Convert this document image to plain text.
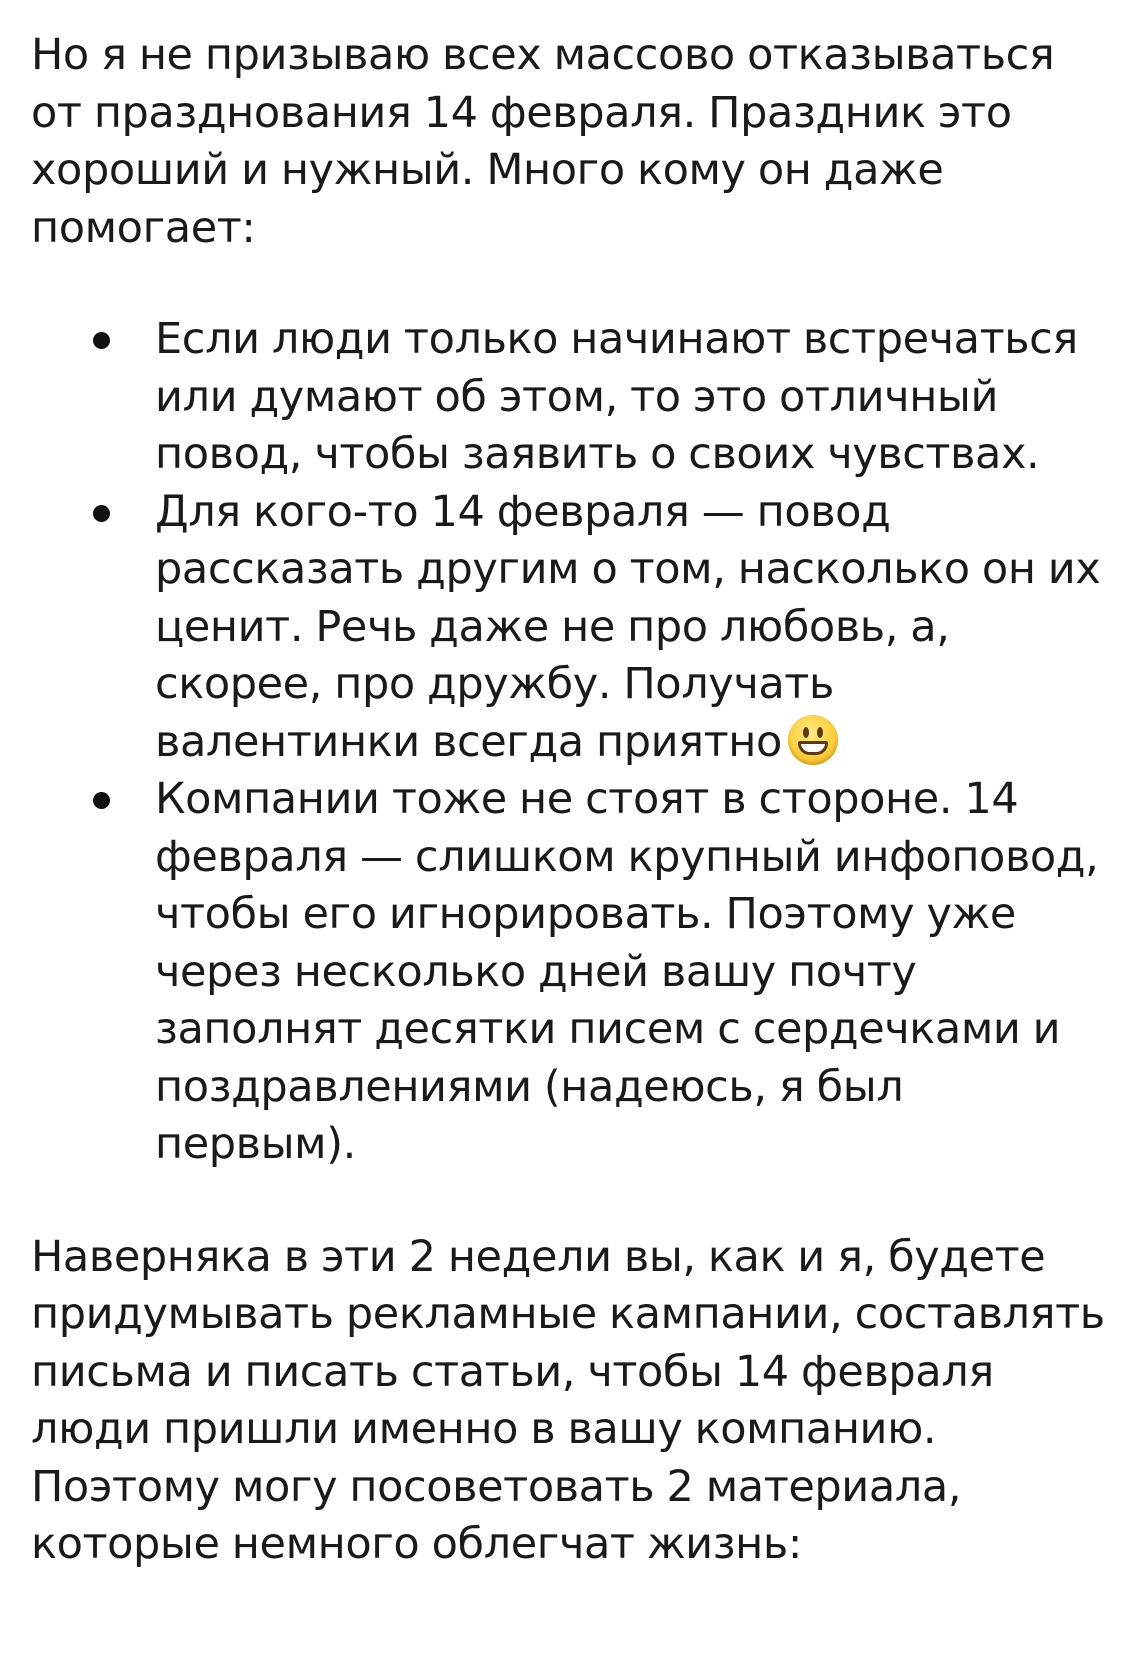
Но я не призываю всех массово отказываться от празднования 14 февраля. Праздник это хороший и нужный. Много кому он даже помогает:

Если люди только начинают встречаться или думают об этом, то это отличный повод, чтобы заявить о своих чувствах.
Для кого-то 14 февраля — повод рассказать другим о том, насколько он их ценит. Речь даже не про любовь, а, скорее, про дружбу. Получать валентинки всегда приятно
Компании тоже не стоят в стороне. 14 февраля — слишком крупный инфоповод, чтобы его игнорировать. Поэтому уже через несколько дней вашу почту заполнят десятки писем с сердечками и поздравлениями (надеюсь, я был первым).

Наверняка в эти 2 недели вы, как и я, будете придумывать рекламные кампании, составлять письма и писать статьи, чтобы 14 февраля люди пришли именно в вашу компанию. Поэтому могу посоветовать 2 материала, которые немного облегчат жизнь:
